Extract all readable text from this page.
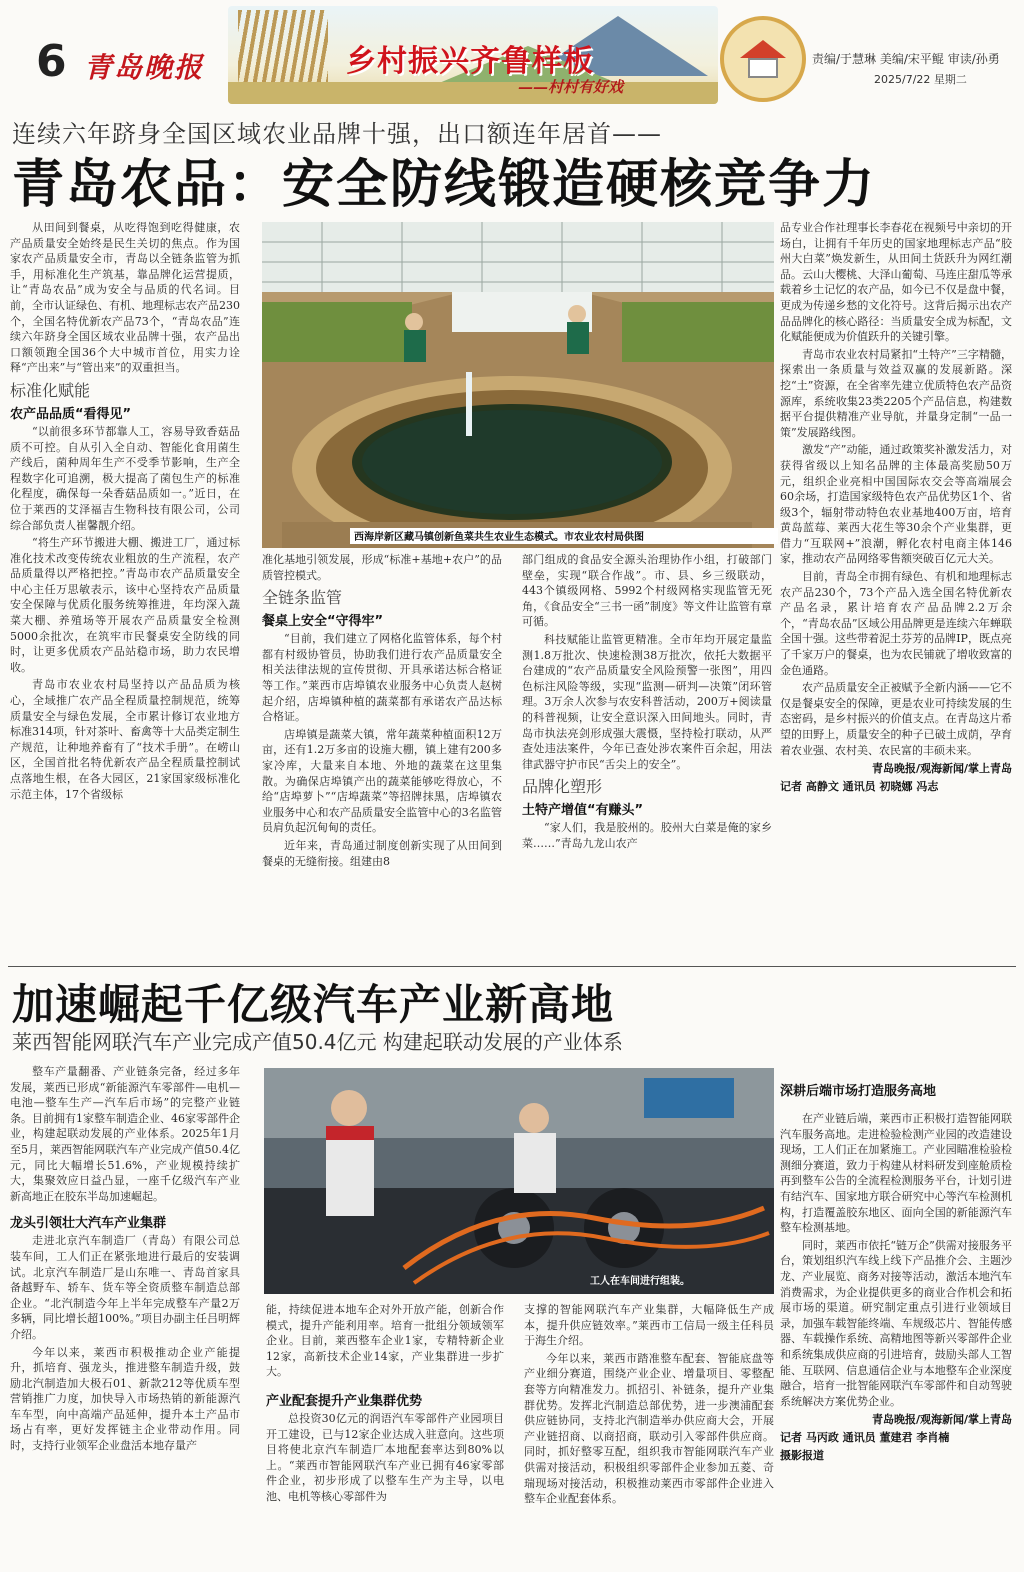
6 青岛晚报	乡村振兴齐鲁样板
——村村有好戏
责编/于慧琳 美编/宋平鲲 审读/孙勇
2025/7/22 星期二
连续六年跻身全国区域农业品牌十强，出口额连年居首——
青岛农品：安全防线锻造硬核竞争力

从田间到餐桌，从吃得饱到吃得健康，农产品质量安全始终是民生关切的焦点。作为国家农产品质量安全市，青岛以全链条监管为抓手，用标准化生产筑基，靠品牌化运营提质，让“青岛农品”成为安全与品质的代名词。目前，全市认证绿色、有机、地理标志农产品230个，全国名特优新农产品73个，“青岛农品”连续六年跻身全国区域农业品牌十强，农产品出口额领跑全国36个大中城市首位，用实力诠释“产出来”与“管出来”的双重担当。

标准化赋能

农产品品质“看得见”

“以前很多环节都靠人工，容易导致香菇品质不可控。自从引入全自动、智能化食用菌生产线后，菌种周年生产不受季节影响，生产全程数字化可追溯，极大提高了菌包生产的标准化程度，确保每一朵香菇品质如一。”近日，在位于莱西的艾泽福吉生物科技有限公司，公司综合部负责人崔馨靓介绍。

“将生产环节搬进大棚、搬进工厂，通过标准化技术改变传统农业粗放的生产流程，农产品质量得以严格把控。”青岛市农产品质量安全中心主任万思敏表示，该中心坚持农产品质量安全保障与优质化服务统筹推进，年均深入蔬菜大棚、养殖场等开展农产品质量安全检测5000余批次，在筑牢市民餐桌安全防线的同时，让更多优质农产品站稳市场，助力农民增收。

青岛市农业农村局坚持以产品品质为核心，全域推广农产品全程质量控制规范，统筹质量安全与绿色发展，全市累计修订农业地方标准314项，针对茶叶、畜禽等十大品类定制生产规范，让种地养畜有了“技术手册”。在崂山区，全国首批名特优新农产品全程质量控制试点落地生根，在各大园区，21家国家级标准化示范主体，17个省级标

西海岸新区藏马镇创新鱼菜共生农业生态模式。市农业农村局供图

准化基地引领发展，形成“标准+基地+农户”的品质管控模式。

全链条监管

餐桌上安全“守得牢”

“目前，我们建立了网格化监管体系，每个村都有村级协管员，协助我们进行农产品质量安全相关法律法规的宣传贯彻、开具承诺达标合格证等工作。”莱西市店埠镇农业服务中心负责人赵树起介绍，店埠镇种植的蔬菜都有承诺农产品达标合格证。

店埠镇是蔬菜大镇，常年蔬菜种植面积12万亩，还有1.2万多亩的设施大棚，镇上建有200多家冷库，大量来自本地、外地的蔬菜在这里集散。为确保店埠镇产出的蔬菜能够吃得放心，不给“店埠萝卜”“店埠蔬菜”等招牌抹黑，店埠镇农业服务中心和农产品质量安全监管中心的3名监管员肩负起沉甸甸的责任。

近年来，青岛通过制度创新实现了从田间到餐桌的无缝衔接。组建由8

部门组成的食品安全源头治理协作小组，打破部门壁垒，实现“联合作战”。市、县、乡三级联动，443个镇级网格、5992个村级网格实现监管无死角，《食品安全“三书一函”制度》等文件让监管有章可循。

科技赋能让监管更精准。全市年均开展定量监测1.8万批次、快速检测38万批次，依托大数据平台建成的“农产品质量安全风险预警一张图”，用四色标注风险等级，实现“监测—研判—决策”闭环管理。3万余人次参与农安科普活动，200万+阅读量的科普视频，让安全意识深入田间地头。同时，青岛市执法亮剑形成强大震慑，坚持检打联动，从严查处违法案件，今年已查处涉农案件百余起，用法律武器守护市民“舌尖上的安全”。

品牌化塑形

土特产增值“有赚头”

“家人们，我是胶州的。胶州大白菜是俺的家乡菜……”青岛九龙山农产

品专业合作社理事长李春花在视频号中亲切的开场白，让拥有千年历史的国家地理标志产品“胶州大白菜”焕发新生，从田间土货跃升为网红潮品。云山大樱桃、大泽山葡萄、马连庄甜瓜等承载着乡土记忆的农产品，如今已不仅是盘中餐，更成为传递乡愁的文化符号。这背后揭示出农产品品牌化的核心路径：当质量安全成为标配，文化赋能便成为价值跃升的关键引擎。

青岛市农业农村局紧扣“土特产”三字精髓，探索出一条质量与效益双赢的发展新路。深挖“土”资源，在全省率先建立优质特色农产品资源库，系统收集23类2205个产品信息，构建数据平台提供精准产业导航，并量身定制“一品一策”发展路线图。

激发“产”动能，通过政策奖补激发活力，对获得省级以上知名品牌的主体最高奖励50万元，组织企业亮相中国国际农交会等高端展会60余场，打造国家级特色农产品优势区1个、省级3个，辐射带动特色农业基地400万亩，培育黄岛蓝莓、莱西大花生等30余个产业集群，更借力“互联网+”浪潮，孵化农村电商主体146家，推动农产品网络零售额突破百亿元大关。

目前，青岛全市拥有绿色、有机和地理标志农产品230个，73个产品入选全国名特优新农产品名录，累计培育农产品品牌2.2万余个，“青岛农品”区域公用品牌更是连续六年蝉联全国十强。这些带着泥土芬芳的品牌IP，既点亮了千家万户的餐桌，也为农民铺就了增收致富的金色通路。

农产品质量安全正被赋予全新内涵——它不仅是餐桌安全的保障，更是农业可持续发展的生态密码，是乡村振兴的价值支点。在青岛这片希望的田野上，质量安全的种子已破土成荫，孕育着农业强、农村美、农民富的丰硕未来。

青岛晚报/观海新闻/掌上青岛

记者 高静文 通讯员 初晓娜 冯志

加速崛起千亿级汽车产业新高地
莱西智能网联汽车产业完成产值50.4亿元 构建起联动发展的产业体系

整车产量翻番、产业链条完备，经过多年发展，莱西已形成“新能源汽车零部件—电机—电池—整车生产—汽车后市场”的完整产业链条。目前拥有1家整车制造企业、46家零部件企业，构建起联动发展的产业体系。2025年1月至5月，莱西智能网联汽车产业完成产值50.4亿元，同比大幅增长51.6%，产业规模持续扩大，集聚效应日益凸显，一座千亿级汽车产业新高地正在胶东半岛加速崛起。

龙头引领壮大汽车产业集群

走进北京汽车制造厂（青岛）有限公司总装车间，工人们正在紧张地进行最后的安装调试。北京汽车制造厂是山东唯一、青岛首家具备越野车、轿车、货车等全资质整车制造总部企业。“北汽制造今年上半年完成整车产量2万多辆，同比增长超100%。”项目办副主任吕明辉介绍。

今年以来，莱西市积极推动企业产能提升，抓培育、强龙头，推进整车制造升级，鼓励北汽制造加大极石01、新款212等优质车型营销推广力度，加快导入市场热销的新能源汽车车型，向中高端产品延伸，提升本土产品市场占有率，更好发挥链主企业带动作用。同时，支持行业领军企业盘活本地存量产

工人在车间进行组装。

能，持续促进本地车企对外开放产能，创新合作模式，提升产能利用率。培育一批组分领域领军企业。目前，莱西整车企业1家，专精特新企业12家，高新技术企业14家，产业集群进一步扩大。

产业配套提升产业集群优势

总投资30亿元的润语汽车零部件产业园项目开工建设，已与12家企业达成入驻意向。这些项目将使北京汽车制造厂本地配套率达到80%以上。“莱西市智能网联汽车产业已拥有46家零部件企业，初步形成了以整车生产为主导，以电池、电机等核心零部件为

支撑的智能网联汽车产业集群，大幅降低生产成本，提升供应链效率。”莱西市工信局一级主任科员于海生介绍。

今年以来，莱西市踏准整车配套、智能底盘等产业细分赛道，围绕产业企业、增量项目、零整配套等方向精准发力。抓招引、补链条，提升产业集群优势。发挥北汽制造总部优势，进一步澳浦配套供应链协同，支持北汽制造举办供应商大会，开展产业链招商、以商招商，联动引入零部件供应商。同时，抓好整零互配，组织我市智能网联汽车产业供需对接活动，积极组织零部件企业参加五菱、奇瑞现场对接活动，积极推动莱西市零部件企业进入整车企业配套体系。

深耕后端市场打造服务高地

在产业链后端，莱西市正积极打造智能网联汽车服务高地。走进检验检测产业园的改造建设现场，工人们正在加紧施工。产业园瞄准检验检测细分赛道，致力于构建从材料研发到座舱质检再到整车公告的全流程检测服务平台，计划引进有结汽车、国家地方联合研究中心等汽车检测机构，打造覆盖胶东地区、面向全国的新能源汽车整车检测基地。

同时，莱西市依托“链万企”供需对接服务平台，策划组织汽车线上线下产品推介会、主题沙龙、产业展览、商务对接等活动，激活本地汽车消费需求，为企业提供更多的商业合作机会和拓展市场的渠道。研究制定重点引进行业领域目录，加强车载智能终端、车规级芯片、智能传感器、车载操作系统、高精地图等新兴零部件企业和系统集成供应商的引进培育，鼓励头部人工智能、互联网、信息通信企业与本地整车企业深度融合，培育一批智能网联汽车零部件和自动驾驶系统解决方案优势企业。

青岛晚报/观海新闻/掌上青岛

记者 马丙政 通讯员 董建君 李肖楠

摄影报道
